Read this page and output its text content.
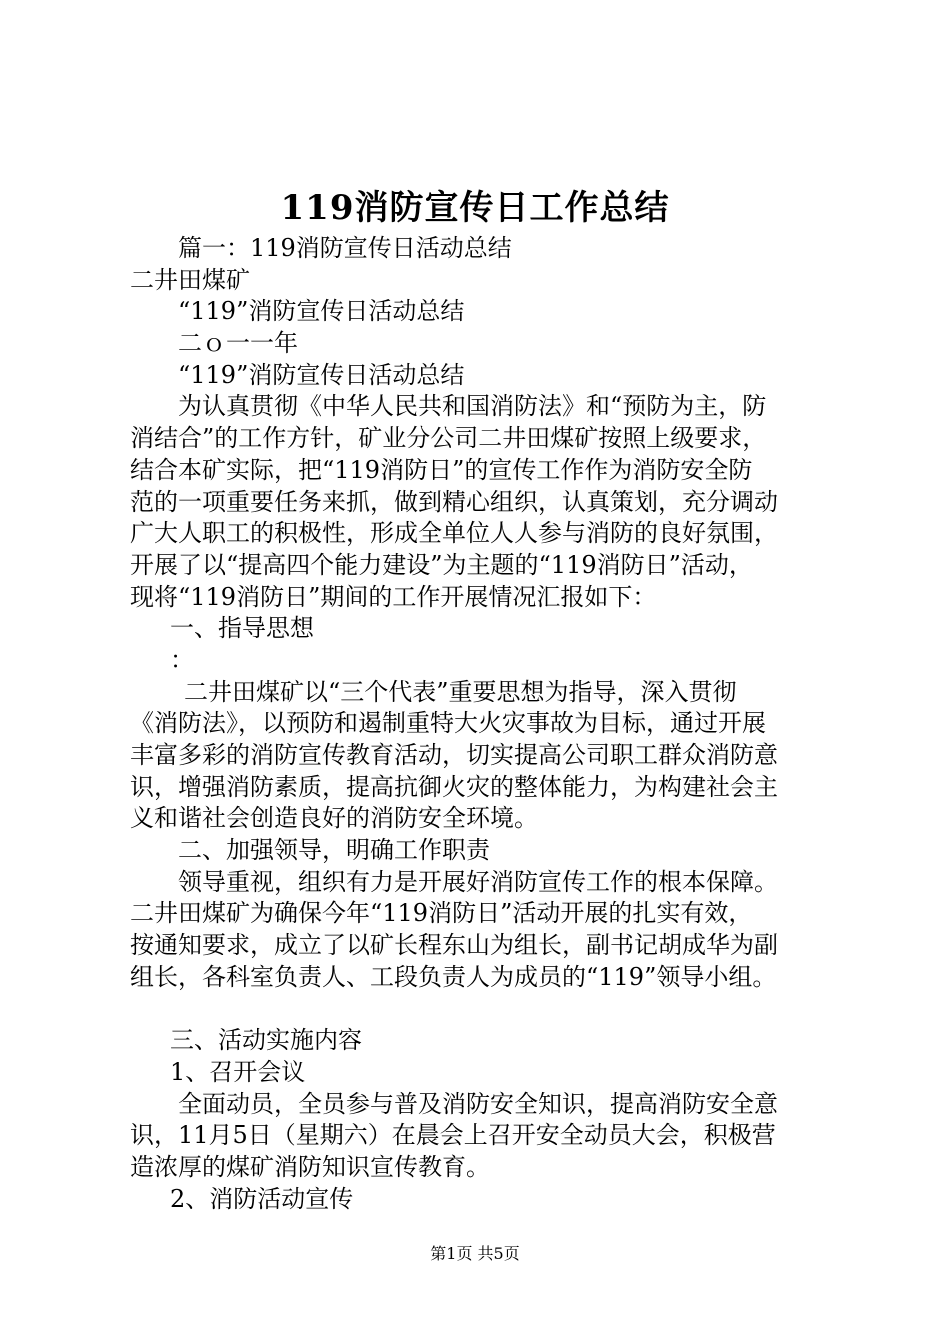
119消防宣传日工作总结
篇一：119消防宣传日活动总结
二井田煤矿
“119”消防宣传日活动总结
二ｏ一一年
“119”消防宣传日活动总结
为认真贯彻《中华人民共和国消防法》和“预防为主，防
消结合”的工作方针，矿业分公司二井田煤矿按照上级要求，
结合本矿实际，把“119消防日”的宣传工作作为消防安全防
范的一项重要任务来抓，做到精心组织，认真策划，充分调动
广大人职工的积极性，形成全单位人人参与消防的良好氛围，
开展了以“提高四个能力建设”为主题的“119消防日”活动，
现将“119消防日”期间的工作开展情况汇报如下：
一、指导思想
：
二井田煤矿以“三个代表”重要思想为指导，深入贯彻
《消防法》，以预防和遏制重特大火灾事故为目标，通过开展
丰富多彩的消防宣传教育活动，切实提高公司职工群众消防意
识，增强消防素质，提高抗御火灾的整体能力，为构建社会主
义和谐社会创造良好的消防安全环境。
二、加强领导，明确工作职责
领导重视，组织有力是开展好消防宣传工作的根本保障。
二井田煤矿为确保今年“119消防日”活动开展的扎实有效，
按通知要求，成立了以矿长程东山为组长，副书记胡成华为副
组长，各科室负责人、工段负责人为成员的“119”领导小组。
三、活动实施内容
1、召开会议
全面动员，全员参与普及消防安全知识，提高消防安全意
识，11月5日（星期六）在晨会上召开安全动员大会，积极营
造浓厚的煤矿消防知识宣传教育。
2、消防活动宣传
第1页 共5页
